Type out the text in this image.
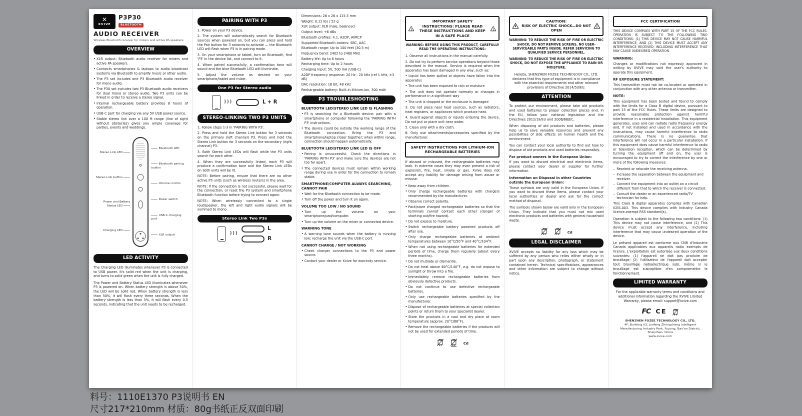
✕
XVIVE
P3P30
BLUETOOTH
AUDIO RECEIVER
Wireless Bluetooth receiver for mixers and active PA speakers
OVERVIEW
• XLR output: Bluetooth audio receiver for mixers and active PA speakers.
• Connects smartphones & laptops to audio broadcast systems via Bluetooth to amplify music or other audio.
• The P3 set includes one P3 Bluetooth audio receiver for mono audio.
• The P30 set includes two P3 Bluetooth audio receivers for dual mono or stereo audio. Two P3 units can be linked in order to receive a stereo signal.
• Internal rechargeable battery provides 8 hours of operation.
• USB-C port for charging via any 5V USB power source.
• Stable stereo link over a 100 ft range (line of sight without obstacles) gives you ample coverage for parties, events and weddings.
Stereo Link LED
Stereo Link button
Power and Battery Status LED
Charging LED
Bluetooth LED
Bluetooth pairing button
Volume control
Power switch
USB-C charging port
XLR output
LED ACTIVITY
The Charging LED illuminates whenever P3 is connected to USB power. It's solid red when the unit is charging, and turns to solid green when the unit is fully charged.
The Power and Battery Status LED illuminates whenever P3 is powered on. When battery strength is above 50%, the LED will be solid red. When battery strength is less than 50%, it will flash every three seconds. When the battery strength is less than 5%, it will flash every 0.5 seconds, indicating that the unit needs to be recharged.
PAIRING WITH P3
1. Power on your P3 device.
2. The system will automatically search for Bluetooth sources when powered on, but you can press and hold the Pair button for 3 seconds to activate — the Bluetooth LED will flash when P3 is in pairing mode.
3. On your smartphone or tablet, turn on Bluetooth, find 'P3' in the device list, and connect to it.
4. When paired successfully, a confirmation tone will sound and the blue Bluetooth LED will illuminate.
5. Adjust the volume as desired on your smartphone/tablet and mixer.
One P3 for Stereo audio
)))
L + R
STEREO-LINKING TWO P3 UNITS
1. Follow steps 1-3 in 'PAIRING WITH P3'.
2. Press and hold the Stereo Link button for 3 seconds on the primary (left channel) P3. Press and hold the Stereo Link button for 3 seconds on the secondary (right channel) P3.
3. Both Stereo Link LEDs will flash while the P3 units search for each other.
4. When they are successfully linked, each P3 will produce a confirmation tone and the Stereo Link LEDs on both units will be lit.
NOTE: Before pairing, ensure that there are no other active P3 units (such as wireless routers) in the area.
NOTE: If the connection is not successful, please wait for the connection, or reset the P3 system and smartphone Bluetooth function before trying to connect again.
NOTE: When wirelessly connected to a single loudspeaker, the left and right audio signals will be summed to mono.
Stereo Link Two P3s
)))
L
R
Dimensions: 26 x 26 x 115.5 mm
Weight: 0.12 lbs / 52 g
XLR output: XLR male, balanced
Output level: +6 dBu
Bluetooth profiles: 4.1, A2DP, AVRCP
Supported Bluetooth codecs: SBC, AAC
Bluetooth range: Up to 100 feet (30.5 m)
Frequency band: 2402 to 2480 MHz
Battery life: Up to 8 hours
Recharging time: Up to 2 hours
Charging input: 5V, 500 mA (USB-C)
A2DP frequency response: 20 Hz - 20 kHz (ref 1 kHz, ±3 dB)
DAC resolution: 16 bit, 48 kHz
Rechargeable battery: Built-in lithium-ion, 300 mAh
P3 TROUBLESHOOTING
BLUETOOTH LED/STEREO LINK LED IS FLASHING
• P3 is searching for a Bluetooth device: pair with a smartphone or computer following the 'PAIRING WITH P3' instructions.
• The device could be outside the working range of the Bluetooth connection. Bring the P3 and smartphone/laptop closer together; when within range, connection should happen automatically.
BLUETOOTH LED/STEREO LINK LED IS OFF
• Pairing is unsuccessful. Check the directions in 'PAIRING WITH P3' and make sure the devices are not too far apart.
• The connected devices must remain within working range during use in order for the connection to remain stable.
SMARTPHONE/COMPUTER ALWAYS SEARCHING, CANNOT PAIR
• Wait for the Bluetooth connection to be made.
• Turn off the power and turn it on again.
VOLUME TOO LOW / NO SOUND
• Turn up the volume on your smartphone/pad/computer.
• Turn up the volume on the mixer or connected device.
WARNING TONE
• A warning tone sounds when the battery is running low; recharge the unit via the USB-C port.
CANNOT CHARGE / NOT WORKING
• Check charger connections to the P3 and power source.
• Contact your dealer or Xvive for warranty service.
!
IMPORTANT SAFETY INSTRUCTIONS: PLEASE READ THESE INSTRUCTIONS AND KEEP IN A SAFE PLACE
!
WARNING: BEFORE USING THIS PRODUCT, CAREFULLY READ THE OPERATING INSTRUCTIONS:
1. Observe all instructions in the manual carefully.
2. Do not try to perform service operations beyond those described in the manual. Service is required when the apparatus has been damaged in any way, such as:
• Liquid has been spilled or objects have fallen into the apparatus
• The unit has been exposed to rain or moisture
• The unit does not operate normally or changes in performance in a significant way
• The unit is dropped or the enclosure is damaged
3. Do not place near heat sources, such as radiators, heat registers, or appliances which produce heat.
4. Guard against objects or liquids entering the device. Do not put or place unit near water.
5. Clean only with a dry cloth.
6. Only use attachments/accessories specified by the manufacturer.
SAFETY INSTRUCTIONS FOR LITHIUM-ION RECHARGEABLE BATTERIES
If abused or misused, the rechargeable batteries may leak. In extreme cases they may even present a risk of explosion, fire, heat, smoke or gas. Xvive does not accept any liability for damage arising from abuse or misuse.
• Keep away from children.
• Only charge rechargeable batteries with chargers recommended by the manufacturer.
• Observe correct polarity.
• Pack/store charged rechargeable batteries so that the terminals cannot contact each other (danger of shorting out/fire hazard).
• Do not expose to moisture.
• Switch rechargeable battery powered products off after use.
• Only charge rechargeable batteries at ambient temperatures between 10°C/50°F and 40°C/104°F.
• When not using rechargeable batteries for extended periods of time, charge them regularly (about every three months).
• Do not mutilate or dismantle.
• Do not heat above 60°C/140°F, e.g. do not expose to sunlight or throw into a fire.
• Immediately remove rechargeable batteries from obviously defective products.
• Do not continue to use defective rechargeable batteries.
• Only use rechargeable batteries specified by the manufacturer.
• Dispose of rechargeable batteries at special collection points or return them to your specialist dealer.
• Store the products in a cool and dry place at room temperature (approx. 20°C/68°F).
• Remove the rechargeable batteries if the products will not be used for extended periods of time.
Cd
CAUTION:
RISK OF ELECTRIC SHOCK—DO NOT OPEN
!
WARNING: TO REDUCE THE RISK OF FIRE OR ELECTRIC SHOCK, DO NOT REMOVE SCREWS. NO USER-SERVICEABLE PARTS INSIDE. REFER SERVICING TO QUALIFIED SERVICE PERSONNEL.
WARNING: TO REDUCE THE RISK OF FIRE OR ELECTRIC SHOCK, DO NOT EXPOSE THE APPLIANCE TO RAIN OR MOISTURE.
Hereby, SHENZHEN FOZEE TECHNOLOGY CO., LTD. declares that this type of equipment is in compliance with the essential requirements and other relevant provisions of Directive 2014/53/EU.
ATTENTION
To protect our environment, please take old products and used batteries to proper collection places and, in the EU, follow your national legislation and the Directives 2012/19/EU and 2006/66/EC.
When disposing of old products and batteries, please help us to save valuable resources and prevent any possibilities of side effects on human health and the environment.
You can contact your local authority to find out how to dispose of old products and used batteries responsibly.
For product owners in the European Union:
If you want to discard electrical and electronic items, please contact your dealer or supplier for further information.
Information on Disposal in other Countries outside the European Union:
These symbols are only valid in the European Union. If you want to discard these items, please contact your local authorities or dealer and ask for the correct method of disposal.
The symbols shown below are valid only in the European Union. They indicate that you must not mix used electronic products and batteries with general household waste.
Cd
LEGAL DISCLAIMER
XVIVE accepts no liability for any loss which may be suffered by any person who relies either wholly or in part upon any description, photograph, or statement contained herein. Technical specifications, appearances and other information are subject to change without notice.
FCC CERTIFICATION
THIS DEVICE COMPLIES WITH PART 15 OF THE FCC RULES. OPERATION IS SUBJECT TO THE FOLLOWING TWO CONDITIONS: (1) THIS DEVICE MAY NOT CAUSE HARMFUL INTERFERENCE, AND (2) THIS DEVICE MUST ACCEPT ANY INTERFERENCE RECEIVED, INCLUDING INTERFERENCE THAT MAY CAUSE UNDESIRED OPERATION.
WARNING:
Changes or modifications not expressly approved in writing by XVIVE may void the user's authority to operate this equipment.
RF EXPOSURE STATEMENT:
This transmitter must not be co-located or operated in conjunction with any other antenna or transmitter.
NOTE:
This equipment has been tested and found to comply with the limits for a Class B digital device, pursuant to part 15 of the FCC Rules. These limits are designed to provide reasonable protection against harmful interference in a residential installation. This equipment generates, uses and can radiate radio frequency energy and, if not installed and used in accordance with the instructions, may cause harmful interference to radio communications. There is no guarantee that interference will not occur in a particular installation. If this equipment does cause harmful interference to radio or television reception, which can be determined by turning the equipment off and on, the user is encouraged to try to correct the interference by one or more of the following measures:
– Reorient or relocate the receiving antenna.
– Increase the separation between the equipment and receiver.
– Connect the equipment into an outlet on a circuit different from that to which the receiver is connected.
– Consult the dealer or an experienced radio/TV technician for help.
This Class B digital apparatus complies with Canadian ICES-003. This device complies with Industry Canada licence-exempt RSS standard(s).
Operation is subject to the following two conditions: (1) This device may not cause interference, and (2) This device must accept any interference, including interference that may cause undesired operation of the device.
Le présent appareil est conforme aux CNR d'Industrie Canada applicables aux appareils radio exempts de licence. L'exploitation est autorisée aux deux conditions suivantes: (1) l'appareil ne doit pas produire de brouillage; (2) l'utilisateur de l'appareil doit accepter tout brouillage radioélectrique subi, même si le brouillage est susceptible d'en compromettre le fonctionnement.
LIMITED WARRANTY
For the applicable warranty terms and conditions and additional information regarding the XVIVE Limited Warranty, please email: support@xvive.com
FC CE
SHENZHEN FOZEE TECHNOLOGY CO., LTD.
4F, Building A2, Junfeng Zhongcheng Intelligent Manufacturing Industry Park, Fuyong, Bao'an District, Shenzhen, China
www.xvive.com
料号：1110E1370 P3说明书 EN
尺寸217*210mm 材质：80g书纸正反双面印刷
